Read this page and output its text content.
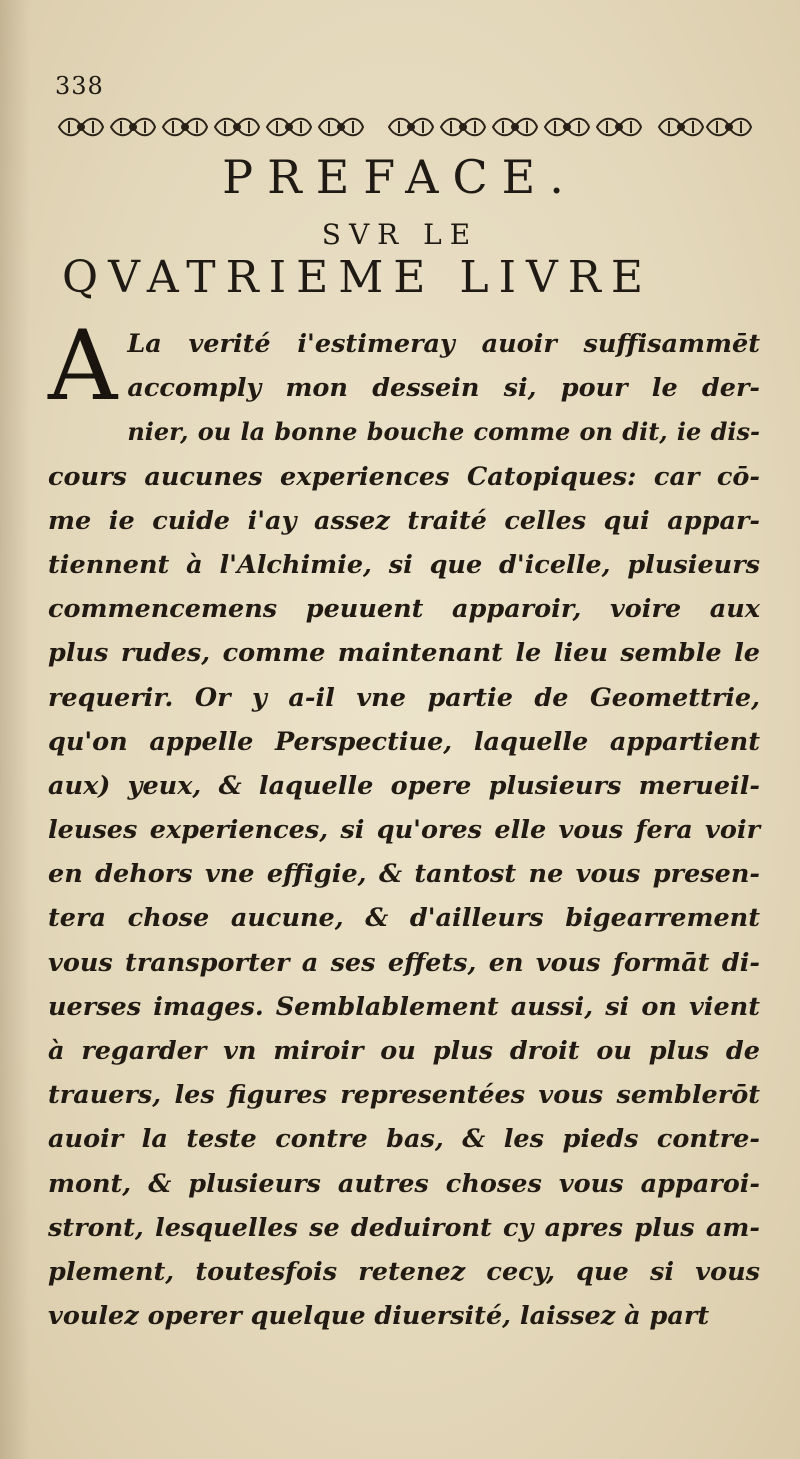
338
PREFACE.
SVR LE
QVATRIEME LIVRE
A La verité i'estimeray auoir suffisammēt
accomply mon dessein si, pour le der-
nier, ou la bonne bouche comme on dit, ie dis-
cours aucunes experiences Catopiques: car cō-
me ie cuide i'ay assez traité celles qui appar-
tiennent à l'Alchimie, si que d'icelle, plusieurs
commencemens peuuent apparoir, voire aux
plus rudes, comme maintenant le lieu semble le
requerir. Or y a-il vne partie de Geomettrie,
qu'on appelle Perspectiue, laquelle appartient
aux) yeux, & laquelle opere plusieurs merueil-
leuses experiences, si qu'ores elle vous fera voir
en dehors vne effigie, & tantost ne vous presen-
tera chose aucune, & d'ailleurs bigearrement
vous transporter a ses effets, en vous formāt di-
uerses images. Semblablement aussi, si on vient
à regarder vn miroir ou plus droit ou plus de
trauers, les figures representées vous semblerōt
auoir la teste contre bas, & les pieds contre-
mont, & plusieurs autres choses vous apparoi-
stront, lesquelles se deduiront cy apres plus am-
plement, toutesfois retenez cecy, que si vous
voulez operer quelque diuersité, laissez à part
